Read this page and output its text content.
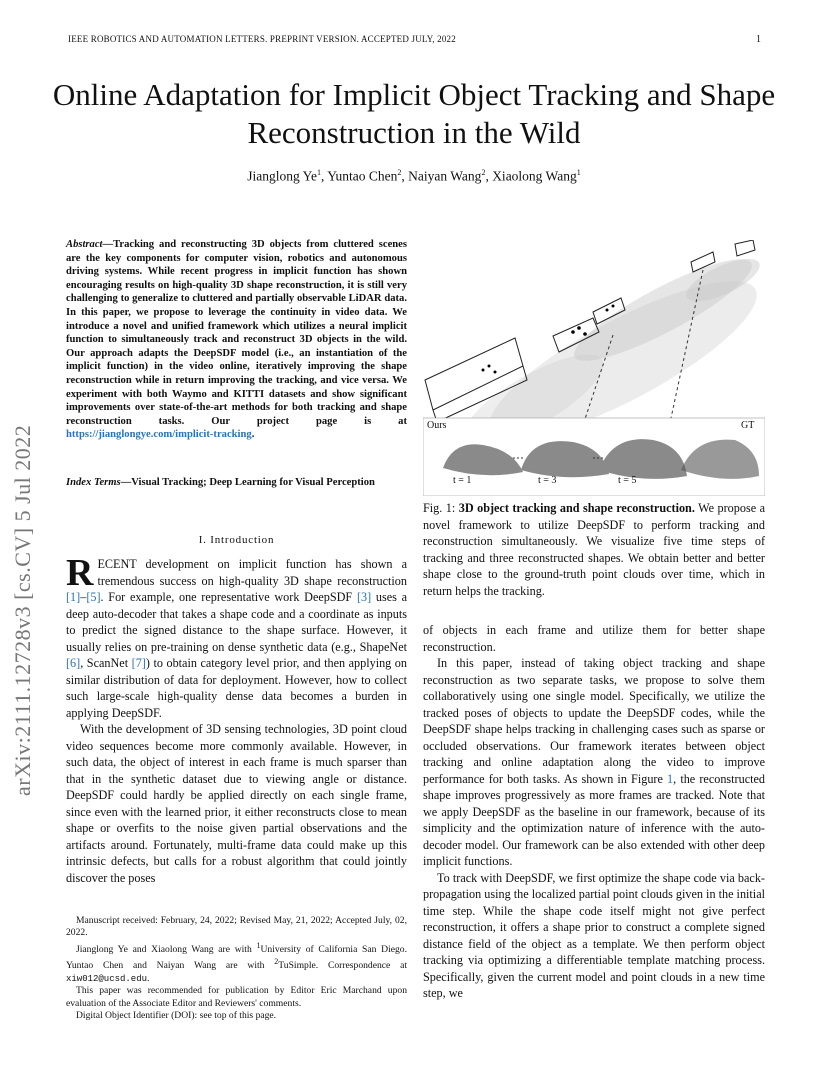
IEEE ROBOTICS AND AUTOMATION LETTERS. PREPRINT VERSION. ACCEPTED JULY, 2022	1
arXiv:2111.12728v3 [cs.CV] 5 Jul 2022
Online Adaptation for Implicit Object Tracking and Shape Reconstruction in the Wild
Jianglong Ye$^1$, Yuntao Chen$^2$, Naiyan Wang$^2$, Xiaolong Wang$^1$
Abstract—Tracking and reconstructing 3D objects from cluttered scenes are the key components for computer vision, robotics and autonomous driving systems. While recent progress in implicit function has shown encouraging results on high-quality 3D shape reconstruction, it is still very challenging to generalize to cluttered and partially observable LiDAR data. In this paper, we propose to leverage the continuity in video data. We introduce a novel and unified framework which utilizes a neural implicit function to simultaneously track and reconstruct 3D objects in the wild. Our approach adapts the DeepSDF model (i.e., an instantiation of the implicit function) in the video online, iteratively improving the shape reconstruction while in return improving the tracking, and vice versa. We experiment with both Waymo and KITTI datasets and show significant improvements over state-of-the-art methods for both tracking and shape reconstruction tasks. Our project page is at https://jianglongye.com/implicit-tracking.
Index Terms—Visual Tracking; Deep Learning for Visual Perception
I. Introduction

RECENT development on implicit function has shown a tremendous success on high-quality 3D shape reconstruction [1]–[5]. For example, one representative work DeepSDF [3] uses a deep auto-decoder that takes a shape code and a coordinate as inputs to predict the signed distance to the shape surface. However, it usually relies on pre-training on dense synthetic data (e.g., ShapeNet [6], ScanNet [7]) to obtain category level prior, and then applying on similar distribution of data for deployment. However, how to collect such large-scale high-quality dense data becomes a burden in applying DeepSDF.

With the development of 3D sensing technologies, 3D point cloud video sequences become more commonly available. However, in such data, the object of interest in each frame is much sparser than that in the synthetic dataset due to viewing angle or distance. DeepSDF could hardly be applied directly on each single frame, since even with the learned prior, it either reconstructs close to mean shape or overfits to the noise given partial observations and the artifacts around. Fortunately, multi-frame data could make up this intrinsic defects, but calls for a robust algorithm that could jointly discover the poses

Manuscript received: February, 24, 2022; Revised May, 21, 2022; Accepted July, 02, 2022.

Jianglong Ye and Xiaolong Wang are with $^1$University of California San Diego. Yuntao Chen and Naiyan Wang are with $^2$TuSimple. Correspondence at xiw012@ucsd.edu.

This paper was recommended for publication by Editor Eric Marchand upon evaluation of the Associate Editor and Reviewers' comments.

Digital Object Identifier (DOI): see top of this page.

Ours	GT
t = 1	t = 3	t = 5
Fig. 1: 3D object tracking and shape reconstruction. We propose a novel framework to utilize DeepSDF to perform tracking and reconstruction simultaneously. We visualize five time steps of tracking and three reconstructed shapes. We obtain better and better shape close to the ground-truth point clouds over time, which in return helps the tracking.

of objects in each frame and utilize them for better shape reconstruction.

In this paper, instead of taking object tracking and shape reconstruction as two separate tasks, we propose to solve them collaboratively using one single model. Specifically, we utilize the tracked poses of objects to update the DeepSDF codes, while the DeepSDF shape helps tracking in challenging cases such as sparse or occluded observations. Our framework iterates between object tracking and online adaptation along the video to improve performance for both tasks. As shown in Figure 1, the reconstructed shape improves progressively as more frames are tracked. Note that we apply DeepSDF as the baseline in our framework, because of its simplicity and the optimization nature of inference with the auto-decoder model. Our framework can be also extended with other deep implicit functions.

To track with DeepSDF, we first optimize the shape code via back-propagation using the localized partial point clouds given in the initial time step. While the shape code itself might not give perfect reconstruction, it offers a shape prior to construct a complete signed distance field of the object as a template. We then perform object tracking via optimizing a differentiable template matching process. Specifically, given the current model and point clouds in a new time step, we
